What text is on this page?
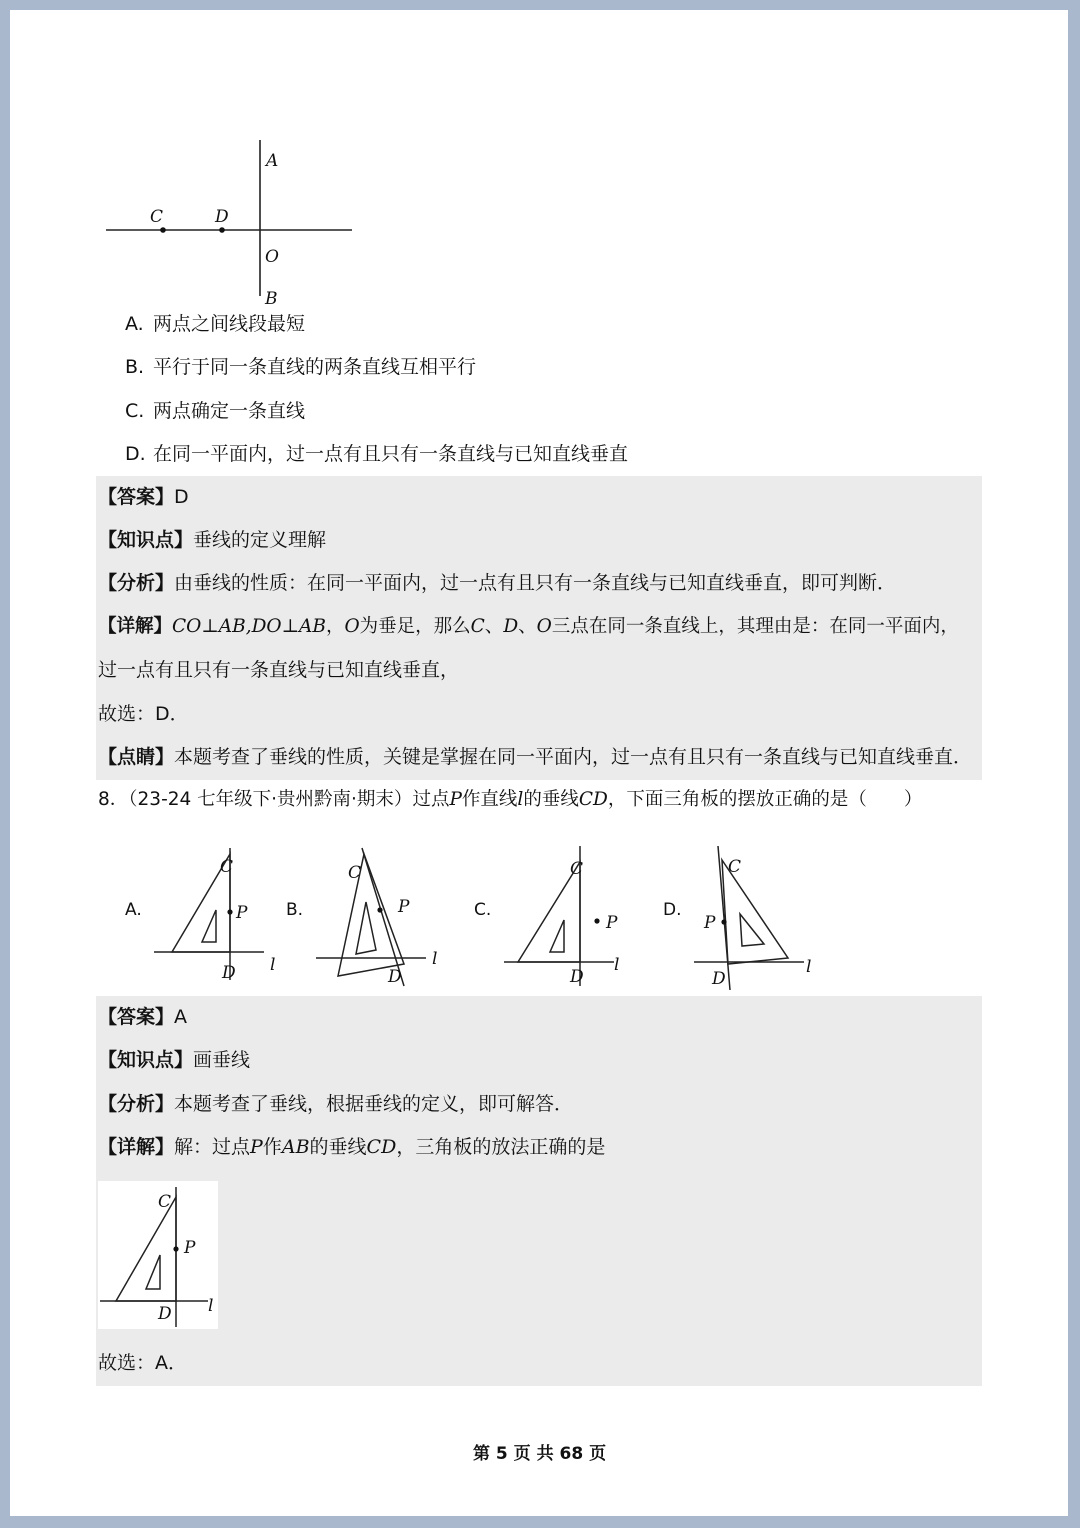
A
C	D
O
B
A. 两点之间线段最短
B. 平行于同一条直线的两条直线互相平行
C. 两点确定一条直线
D. 在同一平面内，过一点有且只有一条直线与已知直线垂直
【答案】D
【知识点】垂线的定义理解
【分析】由垂线的性质：在同一平面内，过一点有且只有一条直线与已知直线垂直，即可判断．
【详解】CO⊥AB,DO⊥AB，O为垂足，那么C、D、O三点在同一条直线上，其理由是：在同一平面内，
过一点有且只有一条直线与已知直线垂直，
故选：D．
【点睛】本题考查了垂线的性质，关键是掌握在同一平面内，过一点有且只有一条直线与已知直线垂直．
8．（23-24 七年级下·贵州黔南·期末）过点P作直线l的垂线CD，下面三角板的摆放正确的是（　　）
A.	B.	C.	D.
C
P
D l
C
P
D
l
C
P
D
l
C
P
D
l
【答案】A
【知识点】画垂线
【分析】本题考查了垂线，根据垂线的定义，即可解答．
【详解】解：过点P作AB的垂线CD，三角板的放法正确的是
C
P
D l
故选：A．
第 5 页 共 68 页
